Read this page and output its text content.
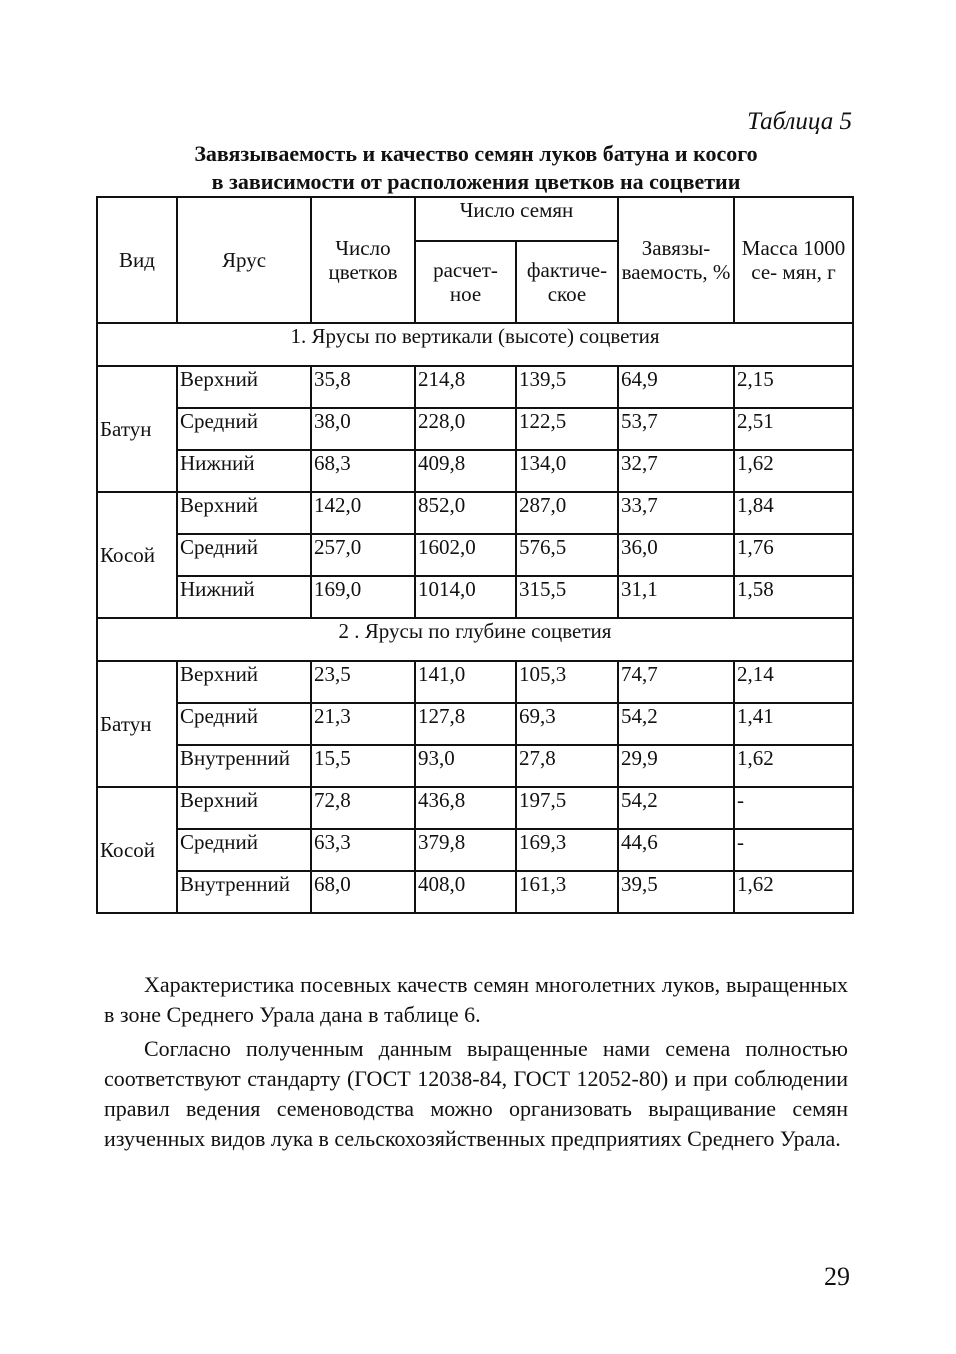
Таблица 5
Завязываемость и качество семян луков батуна и косого
в зависимости от расположения цветков на соцветии
Вид	Ярус	Число цветков	Число семян		Завязы- ваемость, %	Масса 1000 се- мян, г
			расчет- ное	фактиче- ское		
1. Ярусы по вертикали (высоте) соцветия						
Батун	Верхний	35,8	214,8	139,5	64,9	2,15
	Средний	38,0	228,0	122,5	53,7	2,51
	Нижний	68,3	409,8	134,0	32,7	1,62
Косой	Верхний	142,0	852,0	287,0	33,7	1,84
	Средний	257,0	1602,0	576,5	36,0	1,76
	Нижний	169,0	1014,0	315,5	31,1	1,58
2 . Ярусы по глубине соцветия						
Батун	Верхний	23,5	141,0	105,3	74,7	2,14
	Средний	21,3	127,8	69,3	54,2	1,41
	Внутренний	15,5	93,0	27,8	29,9	1,62
Косой	Верхний	72,8	436,8	197,5	54,2	-
	Средний	63,3	379,8	169,3	44,6	-
	Внутренний	68,0	408,0	161,3	39,5	1,62

Характеристика посевных качеств семян многолетних луков, выращенных в зоне Среднего Урала дана в таблице 6.

Согласно полученным данным выращенные нами семена полностью соответствуют стандарту (ГОСТ 12038-84, ГОСТ 12052-80) и при соблюдении правил ведения семеноводства можно организовать выращивание семян изученных видов лука в сельскохозяйственных предприятиях Среднего Урала.

29
